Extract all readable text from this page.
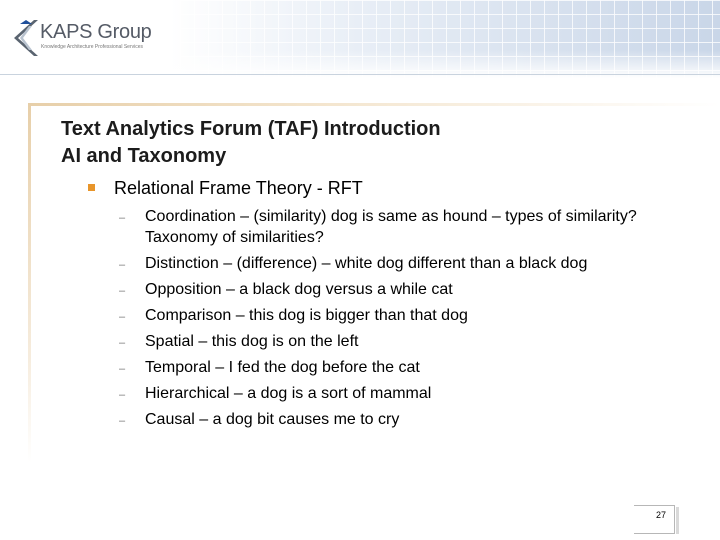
KAPS Group
Knowledge Architecture Professional Services
Text Analytics Forum (TAF) Introduction
AI and Taxonomy
Relational Frame Theory - RFT
– Coordination – (similarity) dog is same as hound – types of similarity? Taxonomy of similarities?
– Distinction – (difference) – white dog different than a black dog
– Opposition – a black dog versus a while cat
– Comparison – this dog is bigger than that dog
– Spatial – this dog is on the left
– Temporal – I fed the dog before the cat
– Hierarchical – a dog is a sort of mammal
– Causal – a dog bit causes me to cry
27
